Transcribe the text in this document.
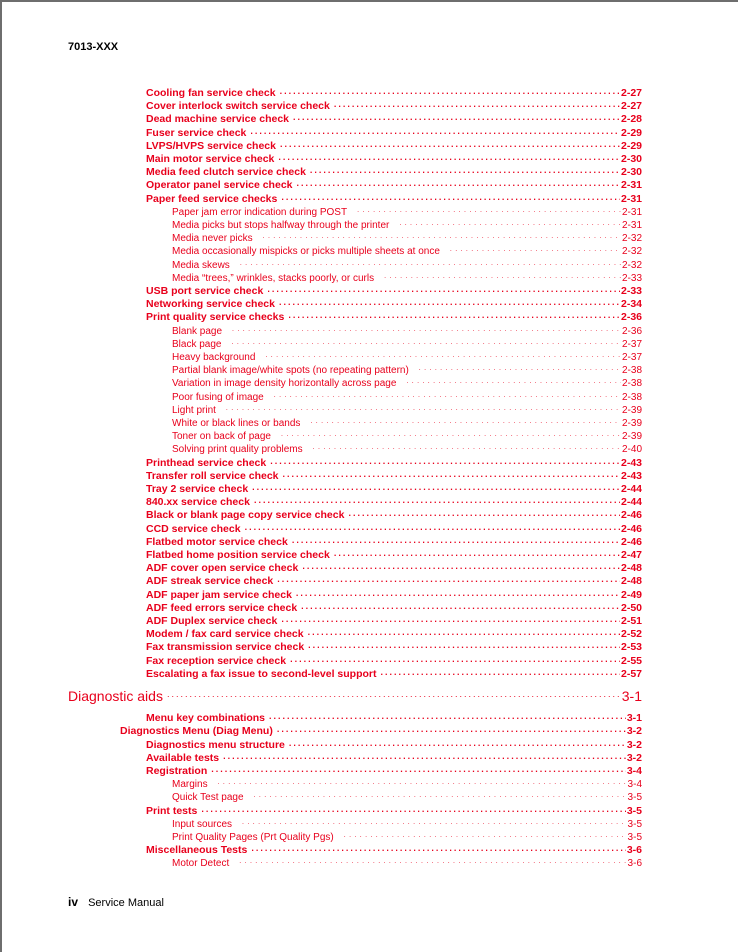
7013-XXX
Cooling fan service check .....	2-27
Cover interlock switch service check .....	2-27
Dead machine service check .....	2-28
Fuser service check .....	2-29
LVPS/HVPS service check .....	2-29
Main motor service check .....	2-30
Media feed clutch service check .....	2-30
Operator panel service check .....	2-31
Paper feed service checks .....	2-31
Paper jam error indication during POST .....	2-31
Media picks but stops halfway through the printer .....	2-31
Media never picks .....	2-32
Media occasionally mispicks or picks multiple sheets at once .....	2-32
Media skews .....	2-32
Media “trees,” wrinkles, stacks poorly, or curls .....	2-33
USB port service check .....	2-33
Networking service check .....	2-34
Print quality service checks .....	2-36
Blank page .....	2-36
Black page .....	2-37
Heavy background .....	2-37
Partial blank image/white spots (no repeating pattern) .....	2-38
Variation in image density horizontally across page .....	2-38
Poor fusing of image .....	2-38
Light print .....	2-39
White or black lines or bands .....	2-39
Toner on back of page .....	2-39
Solving print quality problems .....	2-40
Printhead service check .....	2-43
Transfer roll service check .....	2-43
Tray 2 service check .....	2-44
840.xx service check .....	2-44
Black or blank page copy service check .....	2-46
CCD service check .....	2-46
Flatbed motor service check .....	2-46
Flatbed home position service check .....	2-47
ADF cover open service check .....	2-48
ADF streak service check .....	2-48
ADF paper jam service check .....	2-49
ADF feed errors service check .....	2-50
ADF Duplex service check .....	2-51
Modem / fax card service check .....	2-52
Fax transmission service check .....	2-53
Fax reception service check .....	2-55
Escalating a fax issue to second-level support .....	2-57
Diagnostic aids .....	3-1
Menu key combinations .....	3-1
Diagnostics Menu (Diag Menu) .....	3-2
Diagnostics menu structure .....	3-2
Available tests .....	3-2
Registration .....	3-4
Margins .....	3-4
Quick Test page .....	3-5
Print tests .....	3-5
Input sources .....	3-5
Print Quality Pages (Prt Quality Pgs) .....	3-5
Miscellaneous Tests .....	3-6
Motor Detect .....	3-6
iv Service Manual
